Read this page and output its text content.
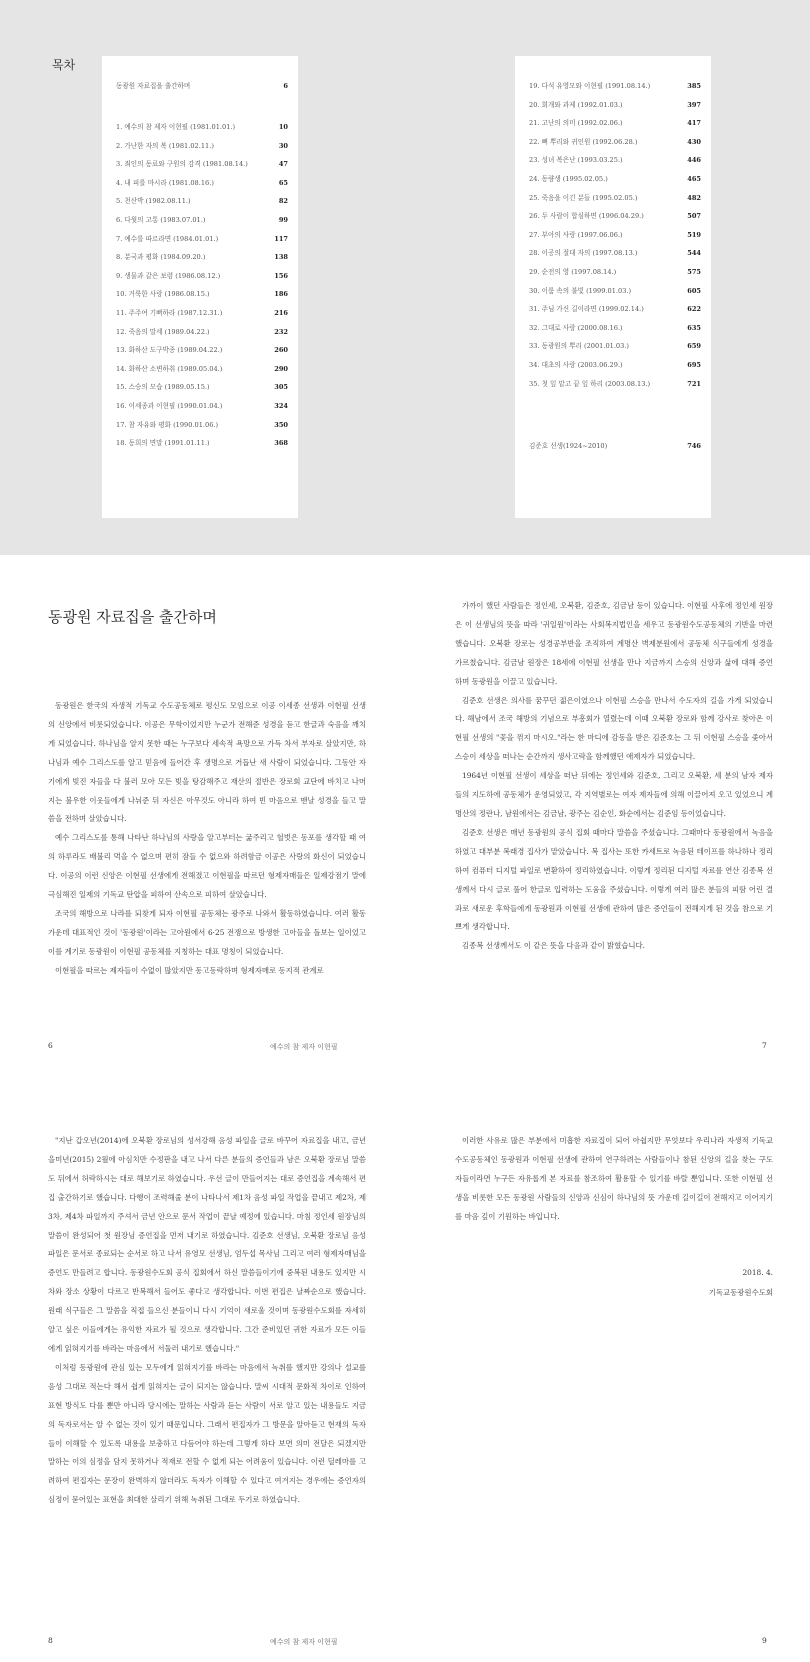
목차
동광원 자료집을 출간하며	6
1. 예수의 참 제자 이현필 (1981.01.01.)	10
2. 가난한 자의 복 (1981.02.11.)	30
3. 죄인의 동료와 구원의 감격 (1981.08.14.)	47
4. 내 피를 마시라 (1981.08.16.)	65
5. 천산박 (1982.08.11.)	82
6. 다윗의 고통 (1983.07.01.)	99
7. 예수를 따르라면 (1984.01.01.)	117
8. 분국과 평화 (1984.09.20.)	138
9. 생물과 같은 보렴 (1986.08.12.)	156
10. 거룩한 사랑 (1986.08.15.)	186
11. 주주여 기뻐하라 (1987.12.31.)	216
12. 죽음의 말세 (1989.04.22.)	232
13. 화하산 도구박종 (1989.04.22.)	260
14. 화하산 소변하취 (1989.05.04.)	290
15. 스승의 모습 (1989.05.15.)	305
16. 이세종과 이현필 (1990.01.04.)	324
17. 참 자유와 평화 (1990.01.06.)	350
18. 동희의 면말 (1991.01.11.)	368
19. 다석 유영모와 이현필 (1991.08.14.)	385
20. 회개와 과제 (1992.01.03.)	397
21. 고난의 의미 (1992.02.06.)	417
22. 뼈 뿌리와 귀인원 (1992.06.28.)	430
23. 성녀 복은난 (1993.03.25.)	446
24. 동량생 (1995.02.05.)	465
25. 죽음을 이긴 분들 (1995.02.05.)	482
26. 두 사람이 합심하면 (1996.04.29.)	507
27. 부아의 사랑 (1997.06.06.)	519
28. 이공의 절대 자의 (1997.08.13.)	544
29. 순전의 영 (1997.08.14.)	575
30. 이룸 속의 불빛 (1999.01.03.)	605
31. 주님 가신 길이라면 (1999.02.14.)	622
32. 그대로 사랑 (2000.08.16.)	635
33. 동광원의 뿌리 (2001.01.03.)	659
34. 대초의 사랑 (2003.06.29.)	695
35. 첫 잎 맡고 끝 잎 하리 (2003.08.13.)	721
김준호 선생(1924~2010)	746
동광원 자료집을 출간하며

동광원은 한국의 자생적 기독교 수도공동체로 평신도 모임으로 이공 이세종 선생과 이현필 선생의 신앙에서 비롯되었습니다. 이공은 무학이었지만 누군가 전해준 성경을 듣고 한글과 숙음을 깨치게 되었습니다. 하나님을 알지 못한 때는 누구보다 세속적 욕망으로 가득 차서 부자로 살았지만, 하나님과 예수 그리스도를 알고 믿음에 들어간 후 생명으로 거듭난 새 사람이 되었습니다. 그동안 자기에게 빚진 자들을 다 불러 모아 모든 빚을 탕감해주고 재산의 절반은 장로회 교단에 바치고 나머지는 불우한 이웃들에게 나눠준 뒤 자신은 아무것도 아니라 하여 빈 마음으로 맨날 성경을 들고 말씀을 전하며 살았습니다.

예수 그리스도를 통해 나타난 하나님의 사랑을 알고부터는 굶주리고 헐벗은 동포를 생각할 때 여의 하루라도 배불리 먹을 수 없으며 편히 잠들 수 없으와 하려함금 이공은 사랑의 화신이 되었습니다. 이공의 이런 신앙은 이현필 선생에게 전해졌고 이현필을 따르던 형제자매들은 일제강점기 말에 극심해진 일제의 기독교 탄압을 피하여 산속으로 피하여 살았습니다.

조국의 해방으로 나라를 되찾게 되자 이현필 공동체는 광주로 나와서 활동하였습니다. 여러 활동 가운데 대표적인 것이 '동광원'이라는 고아원에서 6·25 전쟁으로 방생한 고아들을 돌보는 일이었고 이를 계기로 동광원이 이현필 공동체를 지칭하는 대표 명칭이 되었습니다.

이현필을 따르는 제자들이 수없이 많았지만 동고동락하며 형제자매로 동지적 관계로

6	예수의 참 제자 이현필

가까이 했던 사람들은 정인세, 오북환, 김준호, 김금남 등이 있습니다. 이현필 사후에 정인세 원장은 이 선생님의 뜻을 따라 '귀일원'이라는 사회복지법인을 세우고 동광원수도공동체의 기반을 마련했습니다. 오북환 장로는 성경공부반을 조직하여 계명산 벽제분원에서 공동체 식구들에게 성경을 가르쳤습니다. 김금남 원장은 18세에 이현필 선생을 만나 지금까지 스승의 신앙과 삶에 대해 증언하며 동광원을 이끌고 있습니다.

김준호 선생은 의사를 꿈꾸던 젊은이였으나 이현필 스승을 만나서 수도자의 길을 가게 되었습니다. 해남에서 조국 해방의 기념으로 부흥회가 열렸는데 이때 오북환 장로와 함께 강사로 찾아온 이현필 선생의 "꽃을 꺾지 마시오."라는 한 마디에 감동을 받은 김준호는 그 뒤 이현필 스승을 좇아서 스승이 세상을 떠나는 순간까지 생사고락을 함께했던 애제자가 되었습니다.

1964년 이현필 선생이 세상을 떠난 뒤에는 정인세와 김준호, 그리고 오북환, 세 분의 남자 제자들의 지도하에 공동체가 운영되었고, 각 지역별로는 여자 제자들에 의해 이끌어져 오고 있었으니 계명산의 정란나, 남원에서는 김금남, 광주는 김순인, 화순에서는 김준임 등이었습니다.

김준호 선생은 매년 동광원의 공식 집회 때마다 말씀을 주셨습니다. 그때마다 동광원에서 녹음을 하였고 대부분 복래경 집사가 맡았습니다. 복 집사는 또한 카세트로 녹음된 테이프를 하나하나 정리하여 컴퓨터 디지털 파일로 변환하여 정리하였습니다. 이렇게 정리된 디지털 자료를 연산 김종복 선생께서 다시 글로 풀어 한글로 입력하는 도움을 주셨습니다. 이렇게 여러 많은 분들의 피땀 어린 결과로 새로운 후학들에게 동광원과 이현필 선생에 관하여 많은 증언들이 전해지게 된 것을 참으로 기쁘게 생각합니다.

김종복 선생께서도 이 같은 뜻을 다음과 같이 밝혔습니다.

7

"지난 갑오년(2014)에 오북환 장로님의 성서강해 음성 파일을 글로 바꾸어 자료집을 내고, 금년 을미년(2015) 2월에 아심치만 수정판을 내고 나서 다른 분들의 증언들과 남은 오북환 장로님 말씀도 뒤에서 허락하시는 대로 해보기로 하였습니다. 우선 글이 만들어지는 대로 증언집을 계속해서 편집 출간하기로 했습니다. 다행이 조력해줄 분이 나타나서 제1차 음성 파일 작업을 끝내고 제2차, 제3차, 제4차 파일까지 주셔서 금년 안으로 문서 작업이 끝날 예정에 있습니다. 마침 정인세 원장님의 말씀이 완성되어 첫 원장님 증언집을 먼저 내기로 하였습니다. 김준호 선생님, 오북환 장로님 음성파일은 문서로 종료되는 순서로 하고 나서 유영모 선생님, 엄두섭 목사님 그리고 여러 형제자매님을 증언도 만들려고 합니다. 동광원수도회 공식 집회에서 하신 말씀들이기에 중복된 내용도 있지만 시차와 장소 상황이 다르고 반복해서 들어도 좋다고 생각합니다. 이번 편집은 날짜순으로 했습니다. 원래 식구들은 그 말씀을 직접 들으신 분들이니 다시 기억이 새로울 것이며 동광원수도회를 자세히 알고 싶은 이들에게는 유익한 자료가 될 것으로 생각합니다. 그간 준비있던 귀한 자료가 모든 이들에게 읽혀지기를 바라는 마음에서 서둘러 내기로 했습니다."

이처럼 동광원에 관심 있는 모두에게 읽혀지기를 바라는 마음에서 녹취를 했지만 강의나 설교를 음성 그대로 적는다 해서 쉽게 읽혀지는 글이 되지는 않습니다. 말씨 시대적 문화적 차이로 인하여 표현 방식도 다를 뿐만 아니라 당시에는 말하는 사람과 듣는 사람이 서로 알고 있는 내용들도 지금의 독자로서는 알 수 없는 것이 있기 때문입니다. 그래서 편집자가 그 방문을 알아듣고 현재의 독자들이 이해할 수 있도록 내용을 보충하고 다듬어야 하는데 그렇게 하다 보면 의미 전달은 되겠지만 말하는 이의 심정을 담지 못하거나 적재로 전할 수 없게 되는 어려움이 있습니다. 이런 딜레마를 고려하여 편집자는 문장이 완벽하지 않더라도 독자가 이해할 수 있다고 여겨지는 경우에는 증언자의 심정이 묻어있는 표현을 최대한 살리기 위해 녹취된 그대로 두기로 하였습니다.

8	예수의 참 제자 이현필

이러한 사유로 많은 부분에서 미흡한 자료집이 되어 아쉽지만 무엇보다 우리나라 자생적 기독교 수도공동체인 동광원과 이현필 선생에 관하여 연구하려는 사람들이나 참된 신앙의 길을 찾는 구도자들이라면 누구든 자유롭게 본 자료를 참조하여 활용할 수 있기를 바랄 뿐입니다. 또한 이현필 선생을 비롯한 모든 동광원 사람들의 신앙과 신심이 하나님의 뜻 가운데 길이길이 전해지고 이어지기를 마음 깊이 기원하는 바입니다.

2018. 4.
기독교동광원수도회
9
